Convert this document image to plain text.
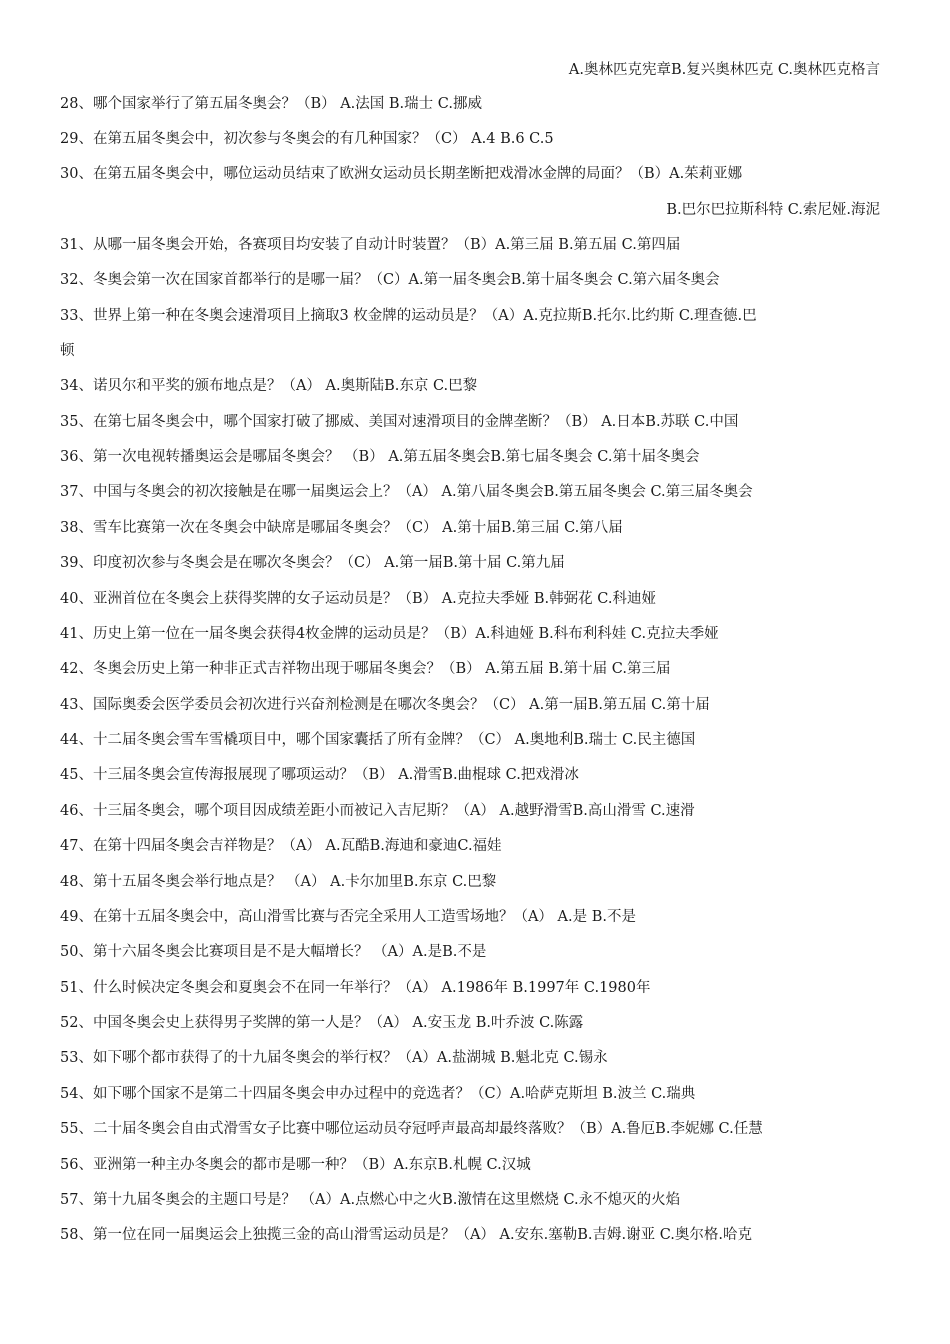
A.奥林匹克宪章B.复兴奥林匹克 C.奥林匹克格言
28、哪个国家举行了第五届冬奥会？（B） A.法国 B.瑞士 C.挪威
29、在第五届冬奥会中，初次参与冬奥会的有几种国家？（C） A.4 B.6 C.5
30、在第五届冬奥会中，哪位运动员结束了欧洲女运动员长期垄断把戏滑冰金牌的局面？（B）A.茱莉亚娜
B.巴尔巴拉斯科特 C.索尼娅.海泥
31、从哪一届冬奥会开始，各赛项目均安装了自动计时装置？（B）A.第三届 B.第五届 C.第四届
32、冬奥会第一次在国家首都举行的是哪一届？（C）A.第一届冬奥会B.第十届冬奥会 C.第六届冬奥会
33、世界上第一种在冬奥会速滑项目上摘取3 枚金牌的运动员是？（A）A.克拉斯B.托尔.比约斯 C.理查德.巴
顿
34、诺贝尔和平奖的颁布地点是？（A） A.奥斯陆B.东京 C.巴黎
35、在第七届冬奥会中，哪个国家打破了挪威、美国对速滑项目的金牌垄断？（B） A.日本B.苏联 C.中国
36、第一次电视转播奥运会是哪届冬奥会？ （B） A.第五届冬奥会B.第七届冬奥会 C.第十届冬奥会
37、中国与冬奥会的初次接触是在哪一届奥运会上？（A） A.第八届冬奥会B.第五届冬奥会 C.第三届冬奥会
38、雪车比赛第一次在冬奥会中缺席是哪届冬奥会？（C） A.第十届B.第三届 C.第八届
39、印度初次参与冬奥会是在哪次冬奥会？（C） A.第一届B.第十届 C.第九届
40、亚洲首位在冬奥会上获得奖牌的女子运动员是？（B） A.克拉夫季娅 B.韩弼花 C.科迪娅
41、历史上第一位在一届冬奥会获得4枚金牌的运动员是？（B）A.科迪娅 B.科布利科娃 C.克拉夫季娅
42、冬奥会历史上第一种非正式吉祥物出现于哪届冬奥会？（B） A.第五届 B.第十届 C.第三届
43、国际奥委会医学委员会初次进行兴奋剂检测是在哪次冬奥会？（C） A.第一届B.第五届 C.第十届
44、十二届冬奥会雪车雪橇项目中，哪个国家囊括了所有金牌？（C） A.奥地利B.瑞士 C.民主德国
45、十三届冬奥会宣传海报展现了哪项运动？（B） A.滑雪B.曲棍球 C.把戏滑冰
46、十三届冬奥会，哪个项目因成绩差距小而被记入吉尼斯？（A） A.越野滑雪B.高山滑雪 C.速滑
47、在第十四届冬奥会吉祥物是？（A） A.瓦酷B.海迪和豪迪C.福娃
48、第十五届冬奥会举行地点是？ （A） A.卡尔加里B.东京 C.巴黎
49、在第十五届冬奥会中，高山滑雪比赛与否完全采用人工造雪场地？（A） A.是 B.不是
50、第十六届冬奥会比赛项目是不是大幅增长？ （A）A.是B.不是
51、什么时候决定冬奥会和夏奥会不在同一年举行？（A） A.1986年 B.1997年 C.1980年
52、中国冬奥会史上获得男子奖牌的第一人是？（A） A.安玉龙 B.叶乔波 C.陈露
53、如下哪个都市获得了的十九届冬奥会的举行权？（A）A.盐湖城 B.魁北克 C.锡永
54、如下哪个国家不是第二十四届冬奥会申办过程中的竞选者？（C）A.哈萨克斯坦 B.波兰 C.瑞典
55、二十届冬奥会自由式滑雪女子比赛中哪位运动员夺冠呼声最高却最终落败？（B）A.鲁厄B.李妮娜 C.任慧
56、亚洲第一种主办冬奥会的都市是哪一种？（B）A.东京B.札幌 C.汉城
57、第十九届冬奥会的主题口号是？ （A）A.点燃心中之火B.激情在这里燃烧 C.永不熄灭的火焰
58、第一位在同一届奥运会上独揽三金的高山滑雪运动员是？（A） A.安东.塞勒B.吉姆.谢亚 C.奥尔格.哈克
